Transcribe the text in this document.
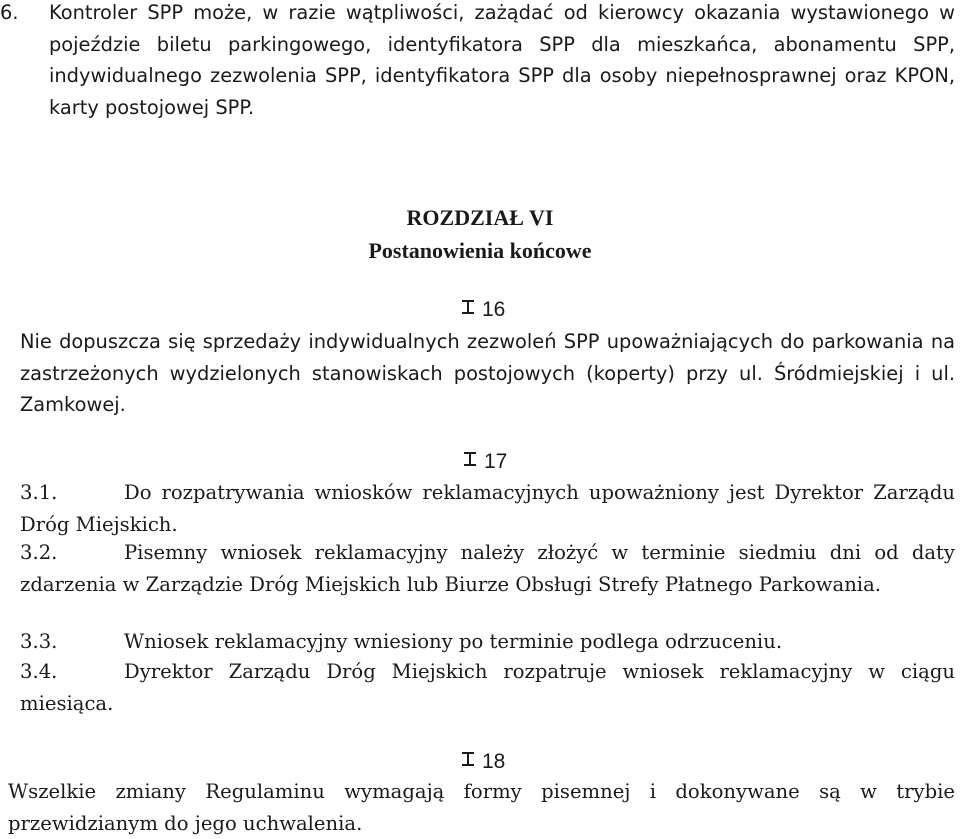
6. Kontroler SPP może, w razie wątpliwości, zażądać od kierowcy okazania wystawionego w pojeździe biletu parkingowego, identyfikatora SPP dla mieszkańca, abonamentu SPP, indywidualnego zezwolenia SPP, identyfikatora SPP dla osoby niepełnosprawnej oraz KPON, karty postojowej SPP.
ROZDZIAŁ VI
Postanowienia końcowe
16
Nie dopuszcza się sprzedaży indywidualnych zezwoleń SPP upoważniających do parkowania na zastrzeżonych wydzielonych stanowiskach postojowych (koperty) przy ul. Śródmiejskiej i ul. Zamkowej.
17
3.1.	Do rozpatrywania wniosków reklamacyjnych upoważniony jest Dyrektor Zarządu Dróg Miejskich.
3.2.	Pisemny wniosek reklamacyjny należy złożyć w terminie siedmiu dni od daty zdarzenia w Zarządzie Dróg Miejskich lub Biurze Obsługi Strefy Płatnego Parkowania.
3.3.	Wniosek reklamacyjny wniesiony po terminie podlega odrzuceniu.
3.4.	Dyrektor Zarządu Dróg Miejskich rozpatruje wniosek reklamacyjny w ciągu miesiąca.
18
Wszelkie zmiany Regulaminu wymagają formy pisemnej i dokonywane są w trybie przewidzianym do jego uchwalenia.
